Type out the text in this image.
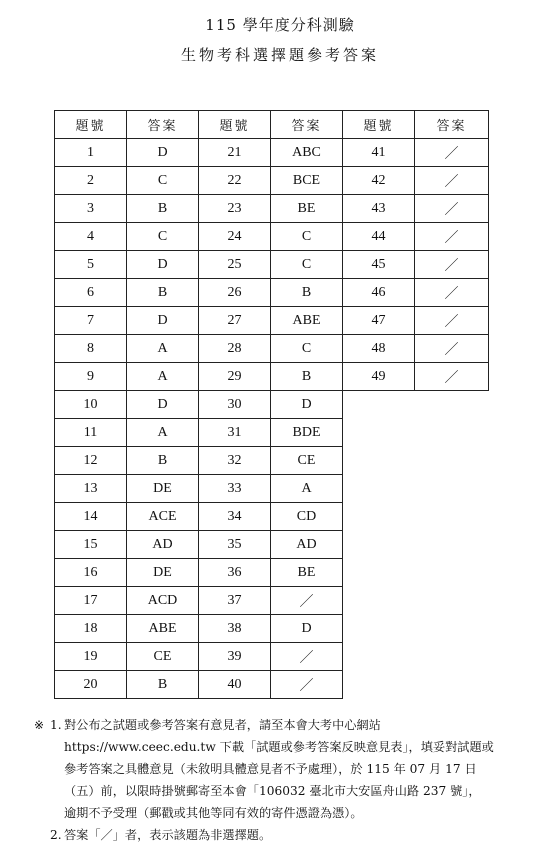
115 學年度分科測驗
生物考科選擇題參考答案
題號	答案	題號	答案	題號	答案
1	D	21	ABC	41	／
2	C	22	BCE	42	／
3	B	23	BE	43	／
4	C	24	C	44	／
5	D	25	C	45	／
6	B	26	B	46	／
7	D	27	ABE	47	／
8	A	28	C	48	／
9	A	29	B	49	／
10	D	30	D		
11	A	31	BDE		
12	B	32	CE		
13	DE	33	A		
14	ACE	34	CD		
15	AD	35	AD		
16	DE	36	BE		
17	ACD	37	／		
18	ABE	38	D		
19	CE	39	／		
20	B	40	／		
※ 1. 對公布之試題或參考答案有意見者，請至本會大考中心網站
https://www.ceec.edu.tw 下載「試題或參考答案反映意見表」，填妥對試題或
參考答案之具體意見（未敘明具體意見者不予處理），於 115 年 07 月 17 日
（五）前，以限時掛號郵寄至本會「106032 臺北市大安區舟山路 237 號」，
逾期不予受理（郵戳或其他等同有效的寄件憑證為憑）。
2. 答案「／」者，表示該題為非選擇題。
